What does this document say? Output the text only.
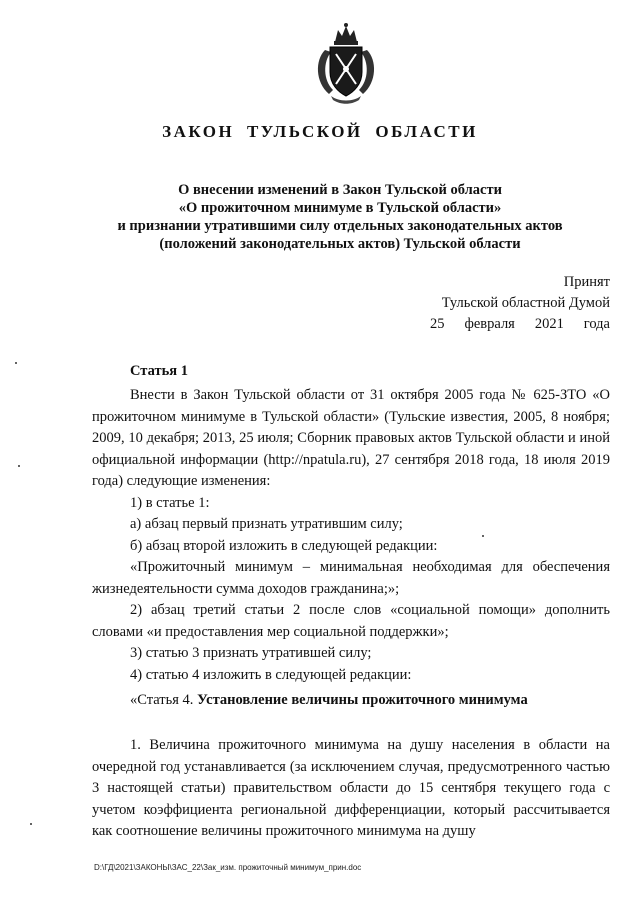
ЗАКОН ТУЛЬСКОЙ ОБЛАСТИ
О внесении изменений в Закон Тульской области
«О прожиточном минимуме в Тульской области»
и признании утратившими силу отдельных законодательных актов
(положений законодательных актов) Тульской области
Принят
Тульской областной Думой
25 февраля 2021 года
Статья 1

Внести в Закон Тульской области от 31 октября 2005 года № 625-ЗТО «О прожиточном минимуме в Тульской области» (Тульские известия, 2005, 8 ноября; 2009, 10 декабря; 2013, 25 июля; Сборник правовых актов Тульской области и иной официальной информации (http://npatula.ru), 27 сентября 2018 года, 18 июля 2019 года) следующие изменения:

1) в статье 1:

а) абзац первый признать утратившим силу;

б) абзац второй изложить в следующей редакции:

«Прожиточный минимум – минимальная необходимая для обеспечения жизнедеятельности сумма доходов гражданина;»;

2) абзац третий статьи 2 после слов «социальной помощи» дополнить словами «и предоставления мер социальной поддержки»;

3) статью 3 признать утратившей силу;

4) статью 4 изложить в следующей редакции:

«Статья 4. Установление величины прожиточного минимума

1. Величина прожиточного минимума на душу населения в области на очередной год устанавливается (за исключением случая, предусмотренного частью 3 настоящей статьи) правительством области до 15 сентября текущего года с учетом коэффициента региональной дифференциации, который рассчитывается как соотношение величины прожиточного минимума на душу

D:\ГД\2021\ЗАКОНЫ\ЗАС_22\Зак_изм. прожиточный минимум_прин.doc
